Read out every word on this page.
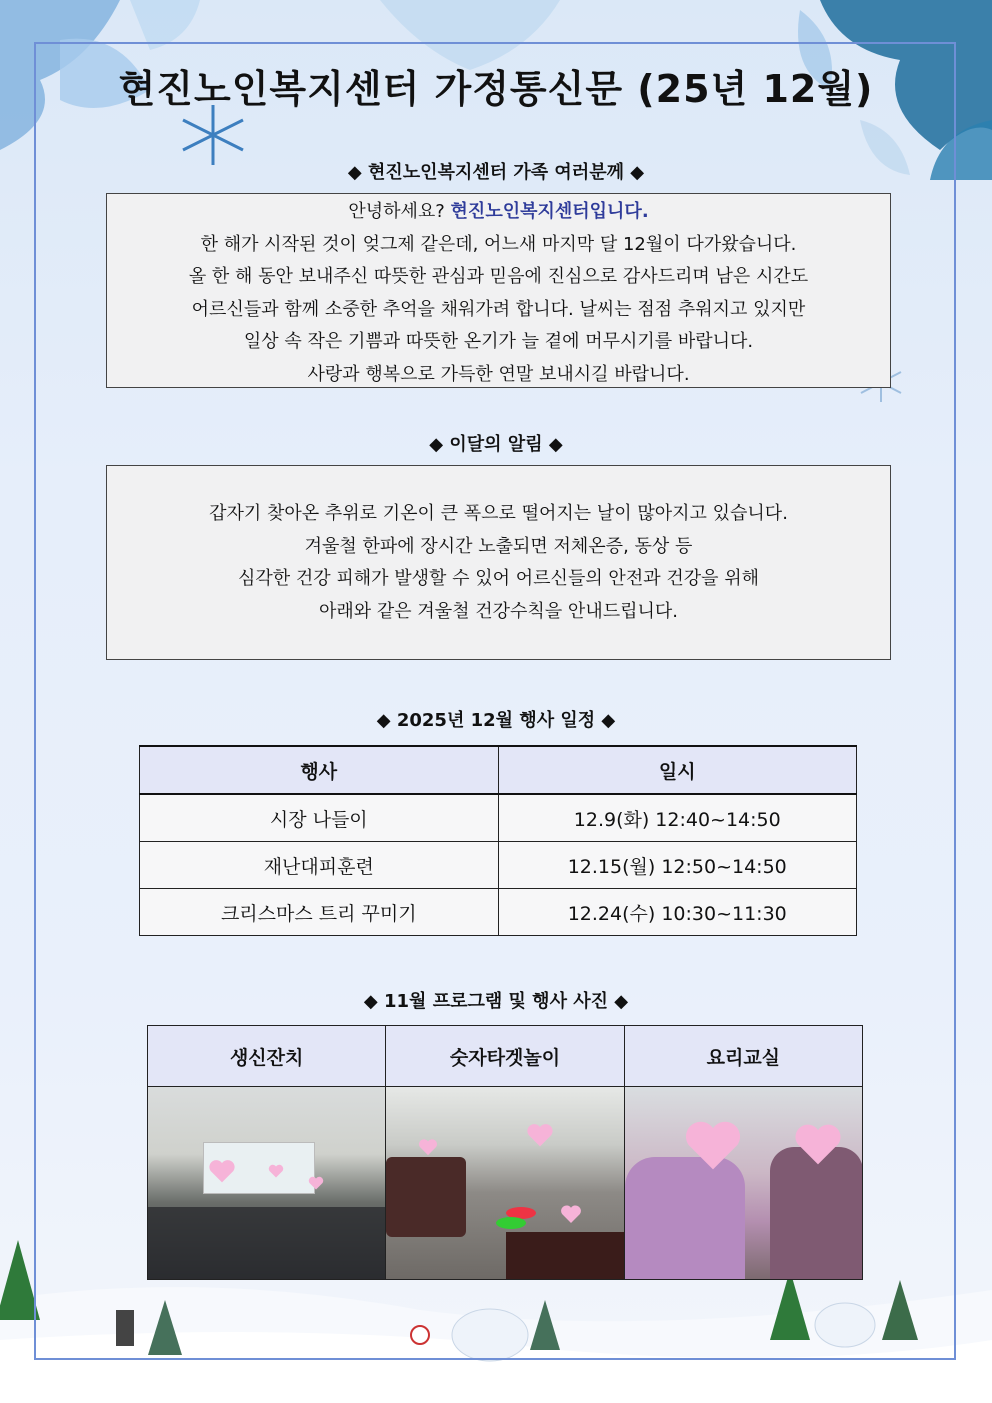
현진노인복지센터 가정통신문 (25년 12월)
◆ 현진노인복지센터 가족 여러분께 ◆

안녕하세요? 현진노인복지센터입니다.

한 해가 시작된 것이 엊그제 같은데, 어느새 마지막 달 12월이 다가왔습니다.

올 한 해 동안 보내주신 따뜻한 관심과 믿음에 진심으로 감사드리며 남은 시간도

어르신들과 함께 소중한 추억을 채워가려 합니다. 날씨는 점점 추워지고 있지만

일상 속 작은 기쁨과 따뜻한 온기가 늘 곁에 머무시기를 바랍니다.

사랑과 행복으로 가득한 연말 보내시길 바랍니다.

◆ 이달의 알림 ◆

갑자기 찾아온 추위로 기온이 큰 폭으로 떨어지는 날이 많아지고 있습니다.

겨울철 한파에 장시간 노출되면 저체온증, 동상 등

심각한 건강 피해가 발생할 수 있어 어르신들의 안전과 건강을 위해

아래와 같은 겨울철 건강수칙을 안내드립니다.

◆ 2025년 12월 행사 일정 ◆
행사	일시
시장 나들이	12.9(화) 12:40~14:50
재난대피훈련	12.15(월) 12:50~14:50
크리스마스 트리 꾸미기	12.24(수) 10:30~11:30
◆ 11월 프로그램 및 행사 사진 ◆
생신잔치	숫자타겟놀이	요리교실
